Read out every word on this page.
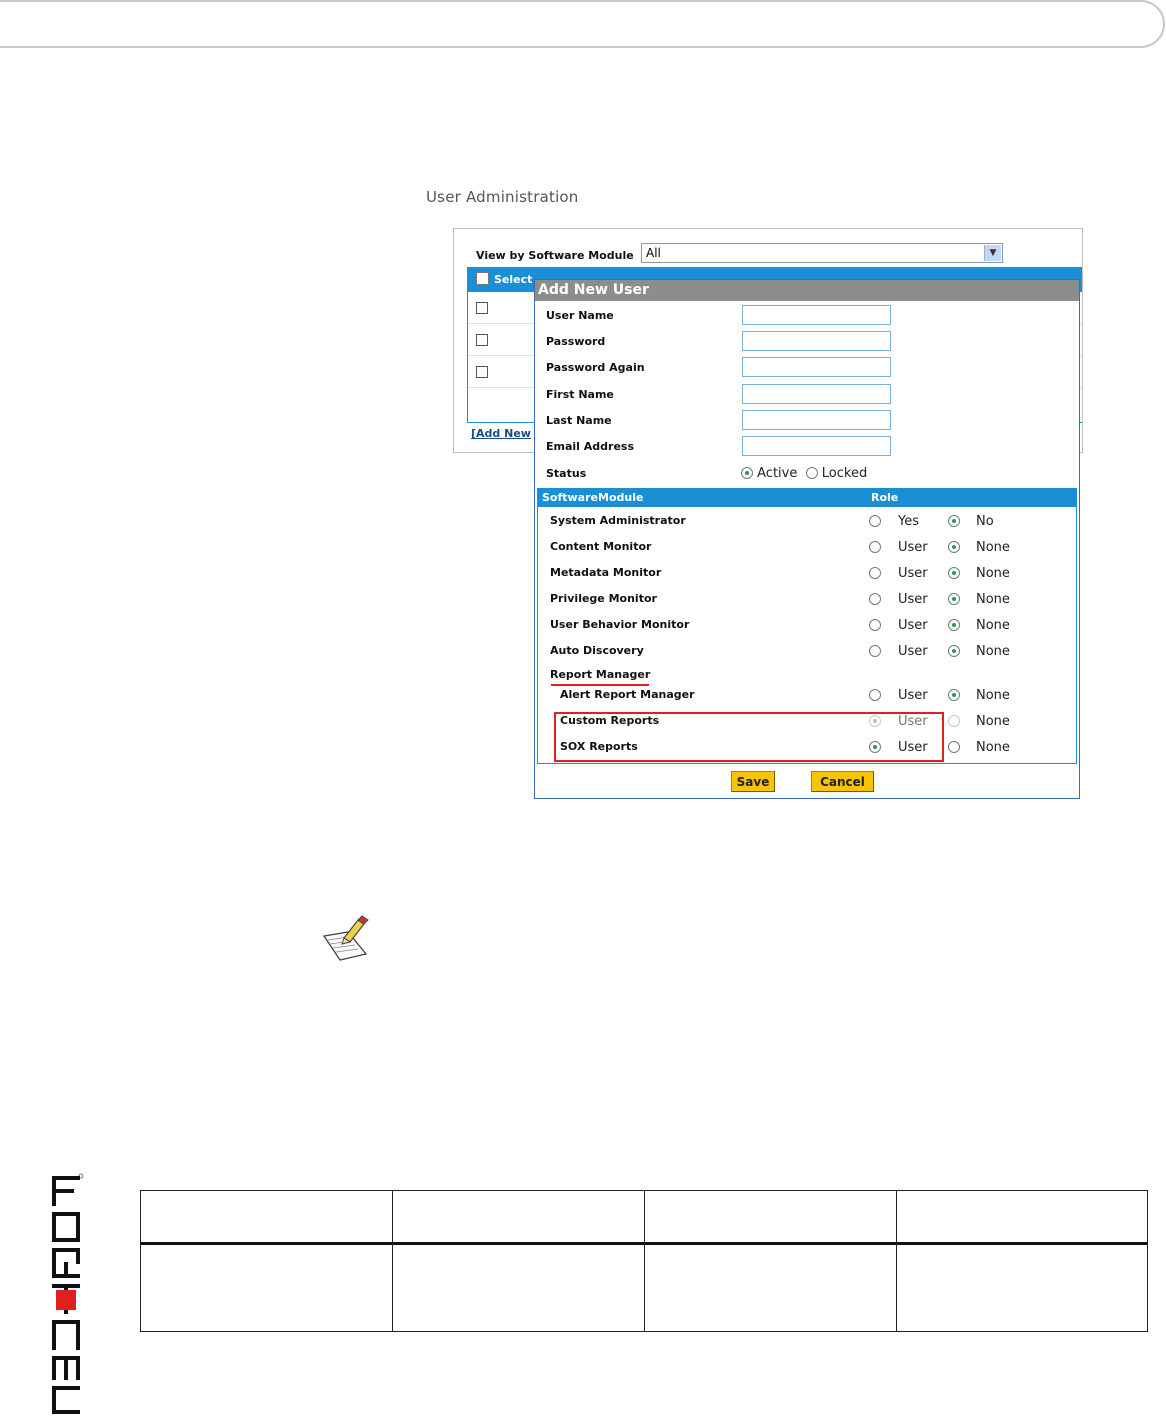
User Administration
View by Software Module	All	▼
Select
[Add New
Add New User
User Name
Password
Password Again
First Name
Last Name
Email Address
Status	Active Locked
SoftwareModule	Role
System Administrator	Yes	No
Content Monitor	User	None
Metadata Monitor	User	None
Privilege Monitor	User	None
User Behavior Monitor	User	None
Auto Discovery	User	None
Report Manager
Alert Report Manager	User	None
Custom Reports	User	None
SOX Reports	User	None
Save	Cancel
